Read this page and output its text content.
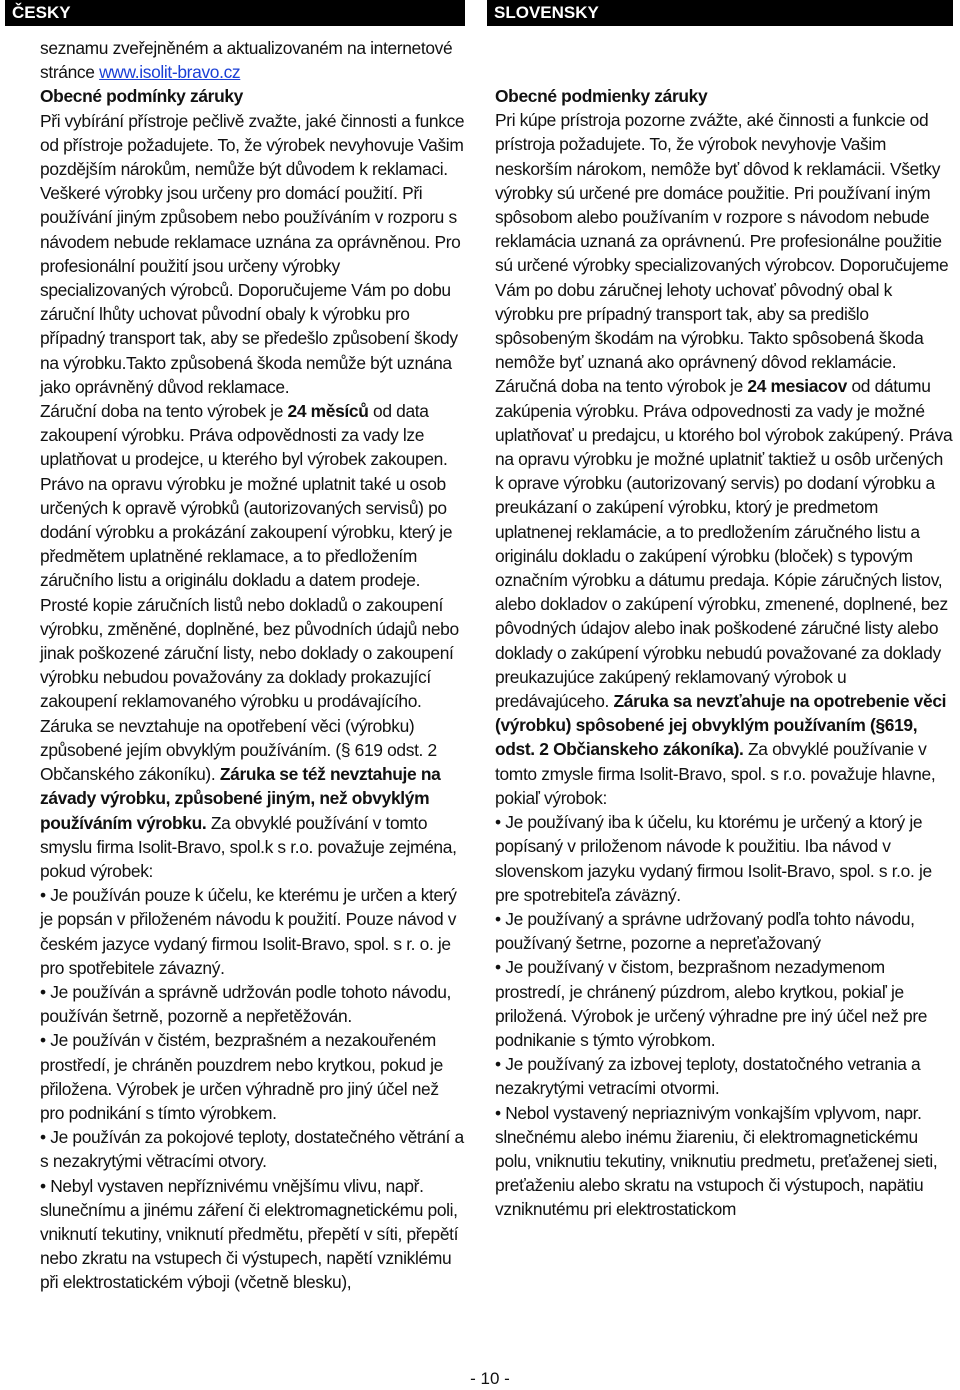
ČESKY

seznamu zveřejněném a aktualizovaném na internetové stránce www.isolit-bravo.cz

Obecné podmínky záruky

Při vybírání přístroje pečlivě zvažte, jaké činnosti a funkce od přístroje požadujete. To, že výrobek nevyhovuje Vašim pozdějším nárokům, nemůže být důvodem k reklamaci. Veškeré výrobky jsou určeny pro domácí použití. Při používání jiným způsobem nebo používáním v rozporu s návodem nebude reklamace uznána za oprávněnou. Pro profesionální použití jsou určeny výrobky specializovaných výrobců. Doporučujeme Vám po dobu záruční lhůty uchovat původní obaly k výrobku pro případný transport tak, aby se předešlo způsobení škody na výrobku.Takto způsobená škoda nemůže být uznána jako oprávněný důvod reklamace.

Záruční doba na tento výrobek je 24 měsíců od data zakoupení výrobku. Práva odpovědnosti za vady lze uplatňovat u prodejce, u kterého byl výrobek zakoupen. Právo na opravu výrobku je možné uplatnit také u osob určených k opravě výrobků (autorizovaných servisů) po dodání výrobku a prokázání zakoupení výrobku, který je předmětem uplatněné reklamace, a to předložením záručního listu a originálu dokladu a datem prodeje. Prosté kopie záručních listů nebo dokladů o zakoupení výrobku, změněné, doplněné, bez původních údajů nebo jinak poškozené záruční listy, nebo doklady o zakoupení výrobku nebudou považovány za doklady prokazující zakoupení reklamovaného výrobku u prodávajícího. Záruka se nevztahuje na opotřebení věci (výrobku) způsobené jejím obvyklým používáním. (§ 619 odst. 2 Občanského zákoníku). Záruka se též nevztahuje na závady výrobku, způsobené jiným, než obvyklým používáním výrobku. Za obvyklé používání v tomto smyslu firma Isolit-Bravo, spol.k s r.o. považuje zejména, pokud výrobek:

• Je používán pouze k účelu, ke kterému je určen a který je popsán v přiloženém návodu k použití. Pouze návod v českém jazyce vydaný firmou Isolit-Bravo, spol. s r. o. je pro spotřebitele závazný.

• Je používán a správně udržován podle tohoto návodu, používán šetrně, pozorně a nepřetěžován.

• Je používán v čistém, bezprašném a nezakouřeném prostředí, je chráněn pouzdrem nebo krytkou, pokud je přiložena. Výrobek je určen výhradně pro jiný účel než pro podnikání s tímto výrobkem.

• Je používán za pokojové teploty, dostatečného větrání a s nezakrytými větracími otvory.

• Nebyl vystaven nepříznivému vnějšímu vlivu, např. slunečnímu a jinému záření či elektromagnetickému poli, vniknutí tekutiny, vniknutí předmětu, přepětí v síti, přepětí nebo zkratu na vstupech či výstupech, napětí vzniklému při elektrostatickém výboji (včetně blesku),

SLOVENSKY

Obecné podmienky záruky

Pri kúpe prístroja pozorne zvážte, aké činnosti a funkcie od prístroja požadujete. To, že výrobok nevyhovje Vašim neskorším nárokom, nemôže byť dôvod k reklamácii. Všetky výrobky sú určené pre domáce použitie. Pri používaní iným spôsobom alebo používaním v rozpore s návodom nebude reklamácia uznaná za oprávnenú. Pre profesionálne použitie sú určené výrobky specializovaných výrobcov. Doporučujeme Vám po dobu záručnej lehoty uchovať pôvodný obal k výrobku pre prípadný transport tak, aby sa predišlo spôsobeným škodám na výrobku. Takto spôsobená škoda nemôže byť uznaná ako oprávnený dôvod reklamácie.

Záručná doba na tento výrobok je 24 mesiacov od dátumu zakúpenia výrobku. Práva odpovednosti za vady je možné uplatňovať u predajcu, u ktorého bol výrobok zakúpený. Práva na opravu výrobku je možné uplatniť taktiež u osôb určených k oprave výrobku (autorizovaný servis) po dodaní výrobku a preukázaní o zakúpení výrobku, ktorý je predmetom uplatnenej reklamácie, a to predložením záručného listu a originálu dokladu o zakúpení výrobku (bloček) s typovým označním výrobku a dátumu predaja. Kópie záručných listov, alebo dokladov o zakúpení výrobku, zmenené, doplnené, bez pôvodných údajov alebo inak poškodené záručné listy alebo doklady o zakúpení výrobku nebudú považované za doklady preukazujúce zakúpený reklamovaný výrobok u predávajúceho. Záruka sa nevzťahuje na opotrebenie věci (výrobku) spôsobené jej obvyklým používaním (§619, odst. 2 Občianskeho zákoníka). Za obvyklé používanie v tomto zmysle firma Isolit-Bravo, spol. s r.o. považuje hlavne, pokiaľ výrobok:

• Je používaný iba k účelu, ku ktorému je určený a ktorý je popísaný v priloženom návode k použitiu. Iba návod v slovenskom jazyku vydaný firmou Isolit-Bravo, spol. s r.o. je pre spotrebiteľa záväzný.

• Je používaný a správne udržovaný podľa tohto návodu, používaný šetrne, pozorne a nepreťažovaný

• Je používaný v čistom, bezprašnom nezadymenom prostredí, je chránený púzdrom, alebo krytkou, pokiaľ je priložená. Výrobok je určený výhradne pre iný účel než pre podnikanie s týmto výrobkom.

• Je používaný za izbovej teploty, dostatočného vetrania a nezakrytými vetracími otvormi.

• Nebol vystavený nepriaznivým vonkajším vplyvom, napr. slnečnému alebo inému žiareniu, či elektromagnetickému polu, vniknutiu tekutiny, vniknutiu predmetu, preťaženej sieti, preťaženiu alebo skratu na vstupoch či výstupoch, napätiu vzniknutému pri elektrostatickom

- 10 -
